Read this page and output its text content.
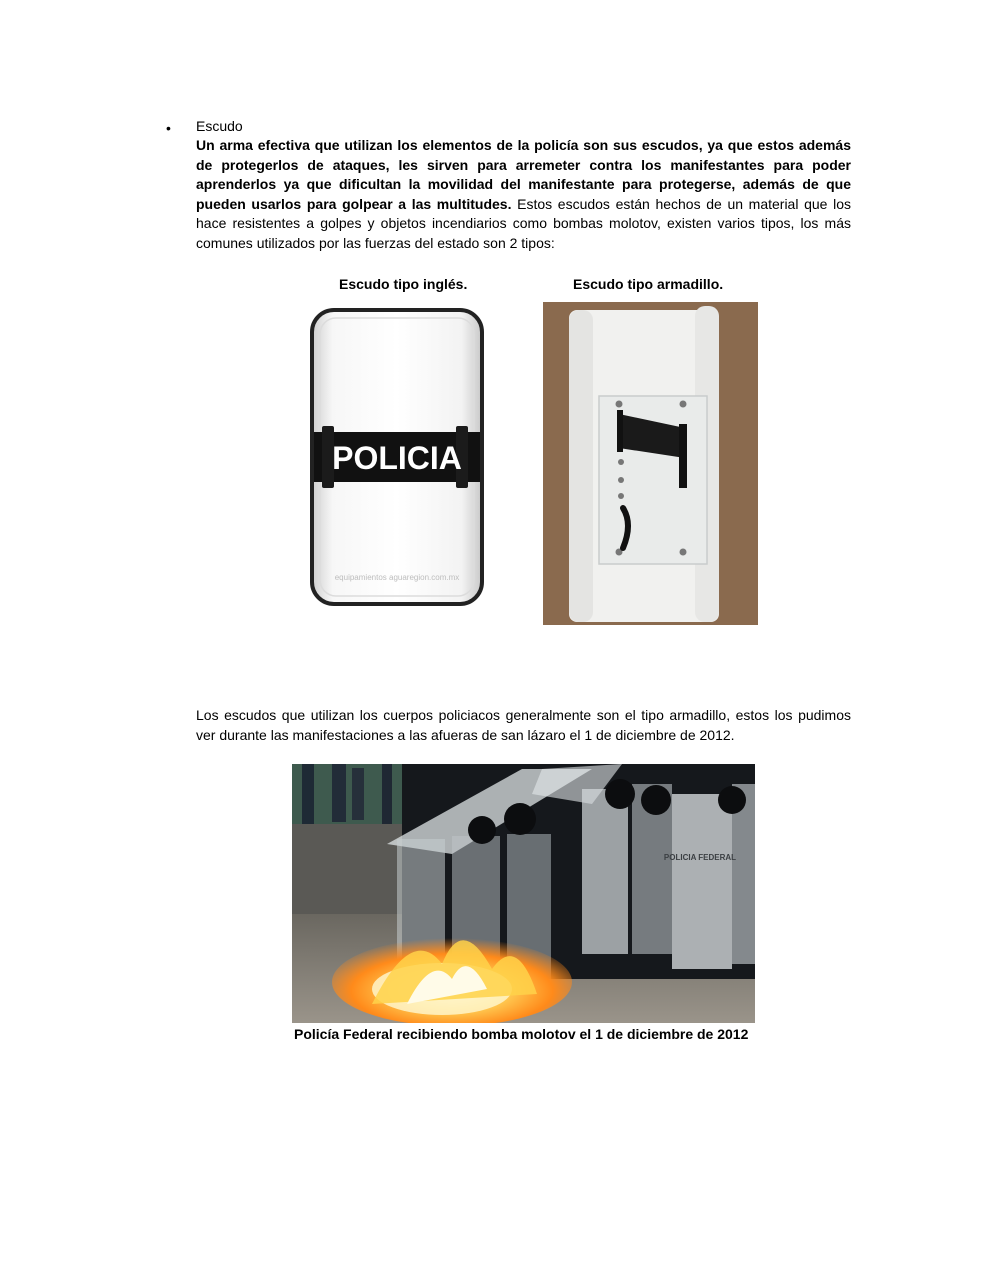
• Escudo

Un arma efectiva que utilizan los elementos de la policía son sus escudos, ya que estos además de protegerlos de ataques, les sirven para arremeter contra los manifestantes para poder aprenderlos ya que dificultan la movilidad del manifestante para protegerse, además de que pueden usarlos para golpear a las multitudes. Estos escudos están hechos de un material que los hace resistentes a golpes y objetos incendiarios como bombas molotov, existen varios tipos, los más comunes utilizados por las fuerzas del estado son 2 tipos:

Escudo tipo inglés.	Escudo tipo armadillo.
POLICIA
equipamientos aguaregion.com.mx

Los escudos que utilizan los cuerpos policiacos generalmente son el tipo armadillo, estos los pudimos ver durante las manifestaciones a las afueras de san lázaro el 1 de diciembre de 2012.

POLICIA FEDERAL
Policía Federal recibiendo bomba molotov el 1 de diciembre de 2012
